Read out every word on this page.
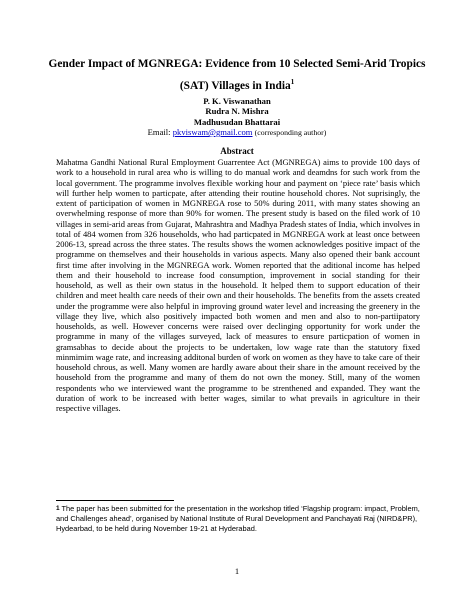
Gender Impact of MGNREGA: Evidence from 10 Selected Semi-Arid Tropics
(SAT) Villages in India$^1$
P. K. Viswanathan
Rudra N. Mishra
Madhusudan Bhattarai
Email: pkviswam@gmail.com (corresponding author)
Abstract

Mahatma Gandhi National Rural Employment Guarrentee Act (MGNREGA) aims to provide 100 days of work to a household in rural area who is willing to do manual work and deamdns for such work from the local government. The programme involves flexible working hour and payment on ‘piece rate’ basis which will further help women to particpate, after attending their routine household chores. Not suprisingly, the extent of participation of women in MGNREGA rose to 50% during 2011, with many states showing an overwhelming response of more than 90% for women. The present study is based on the filed work of 10 villages in semi-arid areas from Gujarat, Mahrashtra and Madhya Pradesh states of India, which involves in total of 484 women from 326 households, who had particpated in MGNREGA work at least once between 2006-13, spread across the three states. The results shows the women acknowledges positive impact of the programme on themselves and their households in various aspects. Many also opened their bank account first time after involving in the MGNREGA work. Women reported that the aditional income has helped them and their household to increase food consumption, improvement in social standing for their household, as well as their own status in the household. It helped them to support education of their children and meet health care needs of their own and their households. The benefits from the assets created under the programme were also helpful in improving ground water level and increasing the greenery in the village they live, which also positively impacted both women and men and also to non-partiipatory households, as well. However concerns were raised over declinging opportunity for work under the programme in many of the villages surveyed, lack of measures to ensure particpation of women in gramsabhas to decide about the projects to be undertaken, low wage rate than the statutory fixed minmimim wage rate, and increasing additonal burden of work on women as they have to take care of their household chrous, as well. Many women are hardly aware about their share in the amount received by the household from the programme and many of them do not own the money. Still, many of the women respondents who we interviewed want the programme to be strenthened and expanded. They want the duration of work to be increased with better wages, similar to what prevails in agriculture in their respective villages.

1 The paper has been submitted for the presentation in the workshop titled ‘Flagship program: impact, Problem, and Challenges ahead’, organised by National Institute of Rural Development and Panchayati Raj (NIRD&PR), Hydearbad, to be held during November 19-21 at Hyderabad.

1
